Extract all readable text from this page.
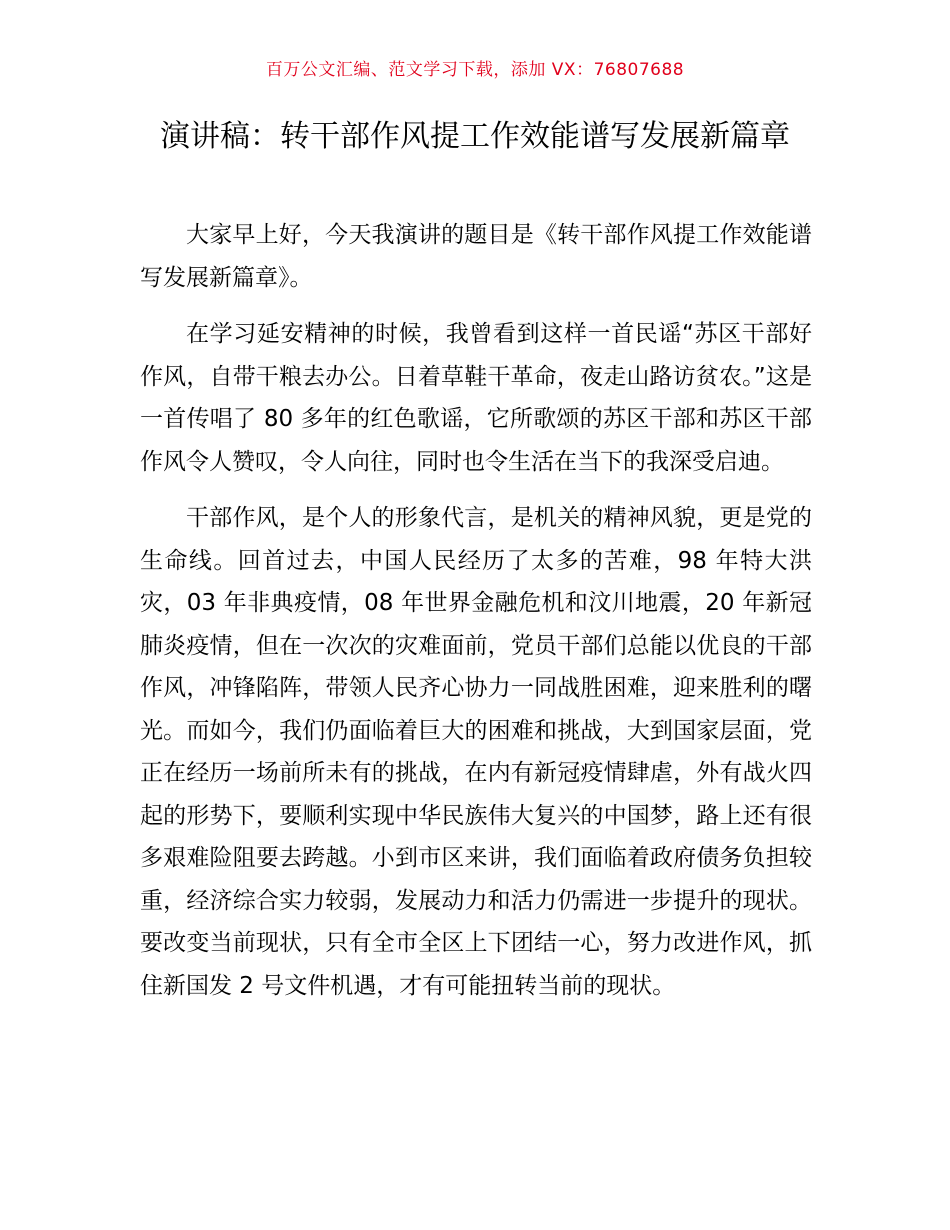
百万公文汇编、范文学习下载，添加 VX：76807688
演讲稿：转干部作风提工作效能谱写发展新篇章

大家早上好，今天我演讲的题目是《转干部作风提工作效能谱写发展新篇章》。

在学习延安精神的时候，我曾看到这样一首民谣“苏区干部好作风，自带干粮去办公。日着草鞋干革命，夜走山路访贫农。”这是一首传唱了 80 多年的红色歌谣，它所歌颂的苏区干部和苏区干部作风令人赞叹，令人向往，同时也令生活在当下的我深受启迪。

干部作风，是个人的形象代言，是机关的精神风貌，更是党的生命线。回首过去，中国人民经历了太多的苦难，98 年特大洪灾，03 年非典疫情，08 年世界金融危机和汶川地震，20 年新冠肺炎疫情，但在一次次的灾难面前，党员干部们总能以优良的干部作风，冲锋陷阵，带领人民齐心协力一同战胜困难，迎来胜利的曙光。而如今，我们仍面临着巨大的困难和挑战，大到国家层面，党正在经历一场前所未有的挑战，在内有新冠疫情肆虐，外有战火四起的形势下，要顺利实现中华民族伟大复兴的中国梦，路上还有很多艰难险阻要去跨越。小到市区来讲，我们面临着政府债务负担较重，经济综合实力较弱，发展动力和活力仍需进一步提升的现状。要改变当前现状，只有全市全区上下团结一心，努力改进作风，抓住新国发 2 号文件机遇，才有可能扭转当前的现状。
